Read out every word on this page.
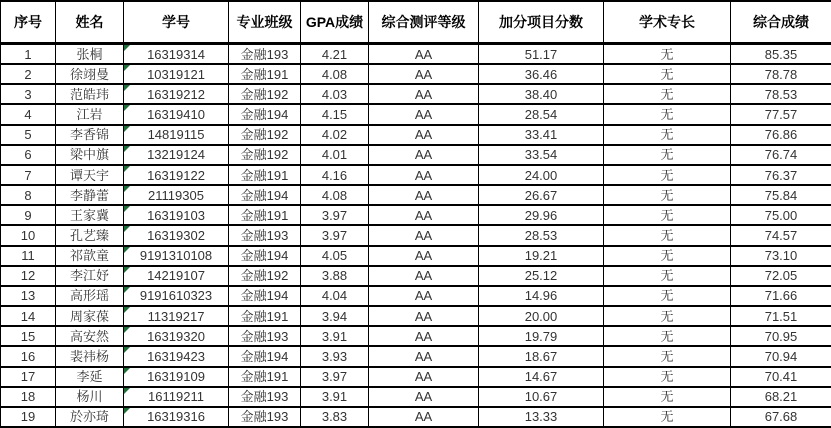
序号	姓名	学号	专业班级	GPA成绩	综合测评等级	加分项目分数	学术专长	综合成绩
1	张桐	16319314	金融193	4.21	AA	51.17	无	85.35
2	徐翊曼	10319121	金融191	4.08	AA	36.46	无	78.78
3	范皓玮	16319212	金融192	4.03	AA	38.40	无	78.53
4	江岩	16319410	金融194	4.15	AA	28.54	无	77.57
5	李香锦	14819115	金融192	4.02	AA	33.41	无	76.86
6	梁中旗	13219124	金融192	4.01	AA	33.54	无	76.74
7	谭天宇	16319122	金融191	4.16	AA	24.00	无	76.37
8	李静蕾	21119305	金融194	4.08	AA	26.67	无	75.84
9	王家冀	16319103	金融191	3.97	AA	29.96	无	75.00
10	孔艺臻	16319302	金融193	3.97	AA	28.53	无	74.57
11	祁歆童	9191310108	金融194	4.05	AA	19.21	无	73.10
12	李江妤	14219107	金融192	3.88	AA	25.12	无	72.05
13	高形瑶	9191610323	金融194	4.04	AA	14.96	无	71.66
14	周家葆	11319217	金融191	3.94	AA	20.00	无	71.51
15	高安然	16319320	金融193	3.91	AA	19.79	无	70.95
16	裴祎杨	16319423	金融194	3.93	AA	18.67	无	70.94
17	李延	16319109	金融191	3.97	AA	14.67	无	70.41
18	杨川	16119211	金融193	3.91	AA	10.67	无	68.21
19	於亦琦	16319316	金融193	3.83	AA	13.33	无	67.68
